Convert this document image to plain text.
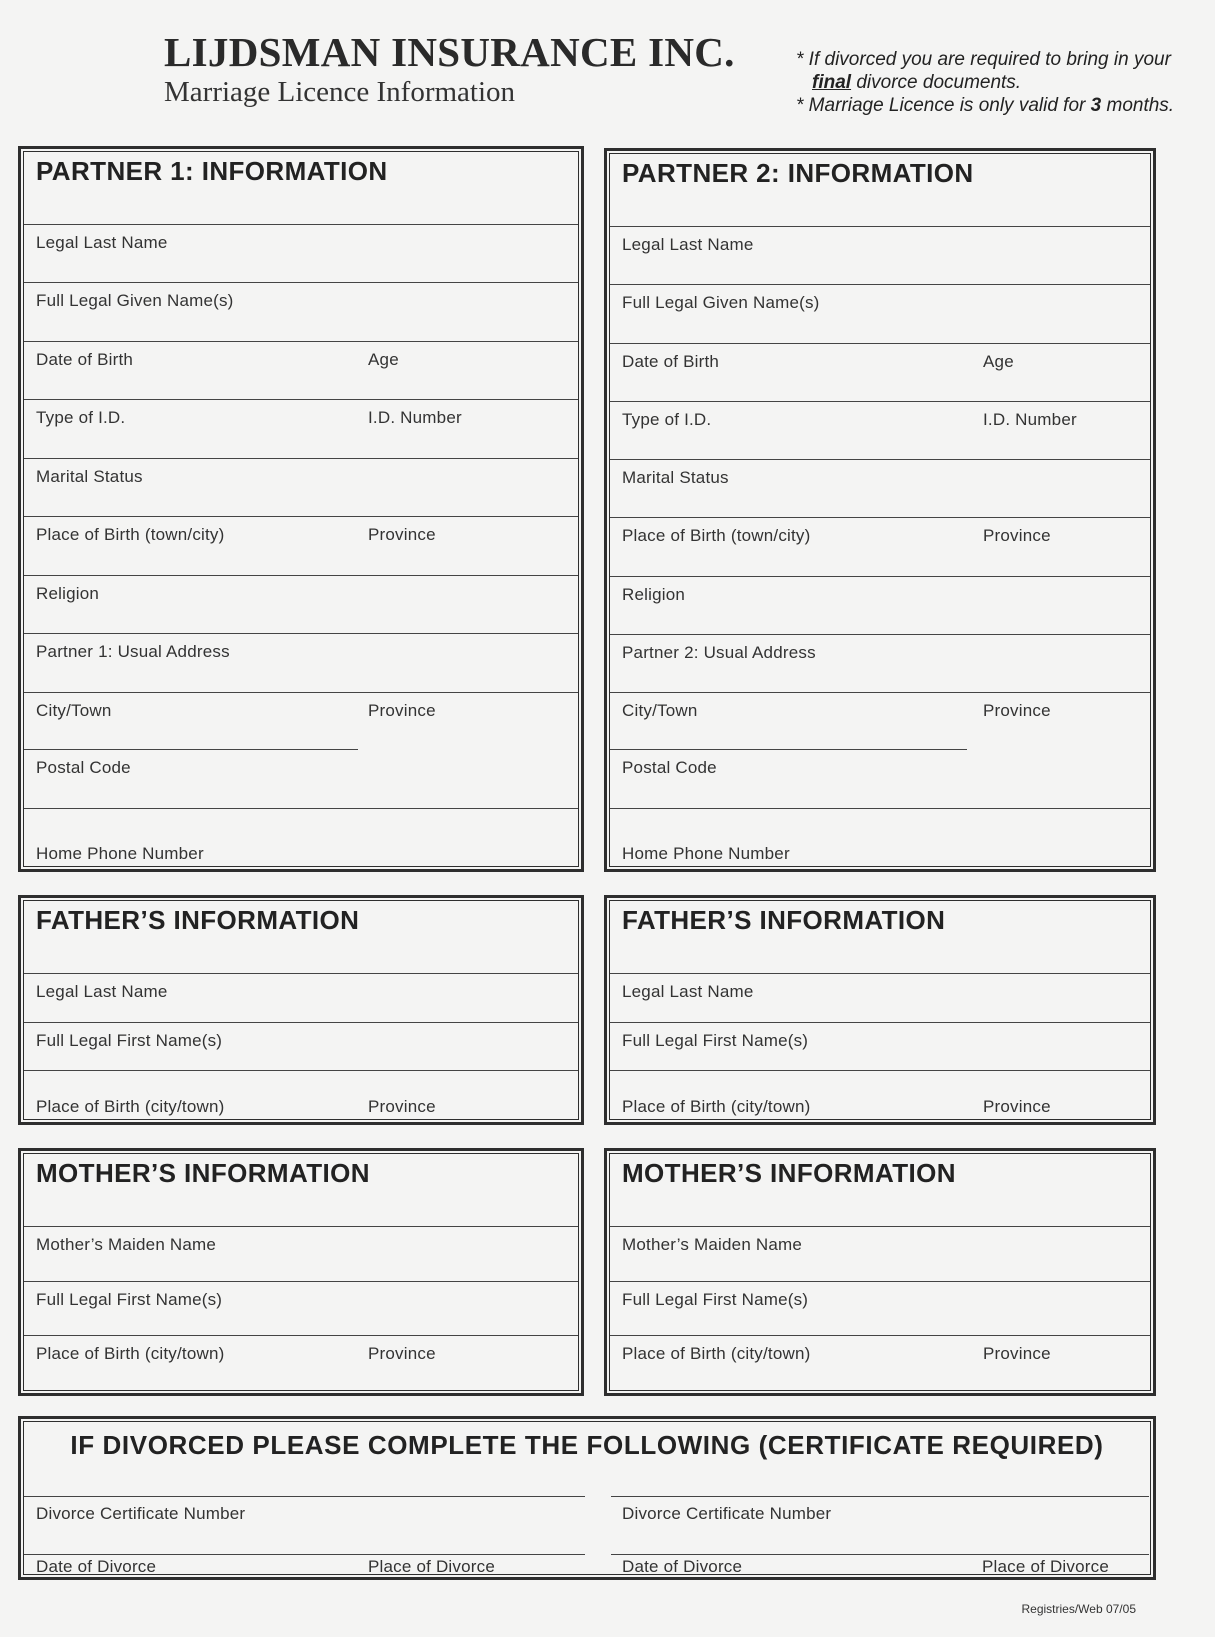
LIJDSMAN INSURANCE INC.
Marriage Licence Information
* If divorced you are required to bring in your
final divorce documents.
* Marriage Licence is only valid for 3 months.
PARTNER 1: INFORMATION
Legal Last Name
Full Legal Given Name(s)
Date of Birth	Age
Type of I.D.	I.D. Number
Marital Status
Place of Birth (town/city)	Province
Religion
Partner 1: Usual Address
City/Town	Province
Postal Code
Home Phone Number
PARTNER 2: INFORMATION
Legal Last Name
Full Legal Given Name(s)
Date of Birth	Age
Type of I.D.	I.D. Number
Marital Status
Place of Birth (town/city)	Province
Religion
Partner 2: Usual Address
City/Town	Province
Postal Code
Home Phone Number
FATHER’S INFORMATION
Legal Last Name
Full Legal First Name(s)
Place of Birth (city/town)	Province
FATHER’S INFORMATION
Legal Last Name
Full Legal First Name(s)
Place of Birth (city/town)	Province
MOTHER’S INFORMATION
Mother’s Maiden Name
Full Legal First Name(s)
Place of Birth (city/town)	Province
MOTHER’S INFORMATION
Mother’s Maiden Name
Full Legal First Name(s)
Place of Birth (city/town)	Province
IF DIVORCED PLEASE COMPLETE THE FOLLOWING (CERTIFICATE REQUIRED)
Divorce Certificate Number	Divorce Certificate Number
Date of Divorce	Place of Divorce	Date of Divorce	Place of Divorce
Registries/Web 07/05
